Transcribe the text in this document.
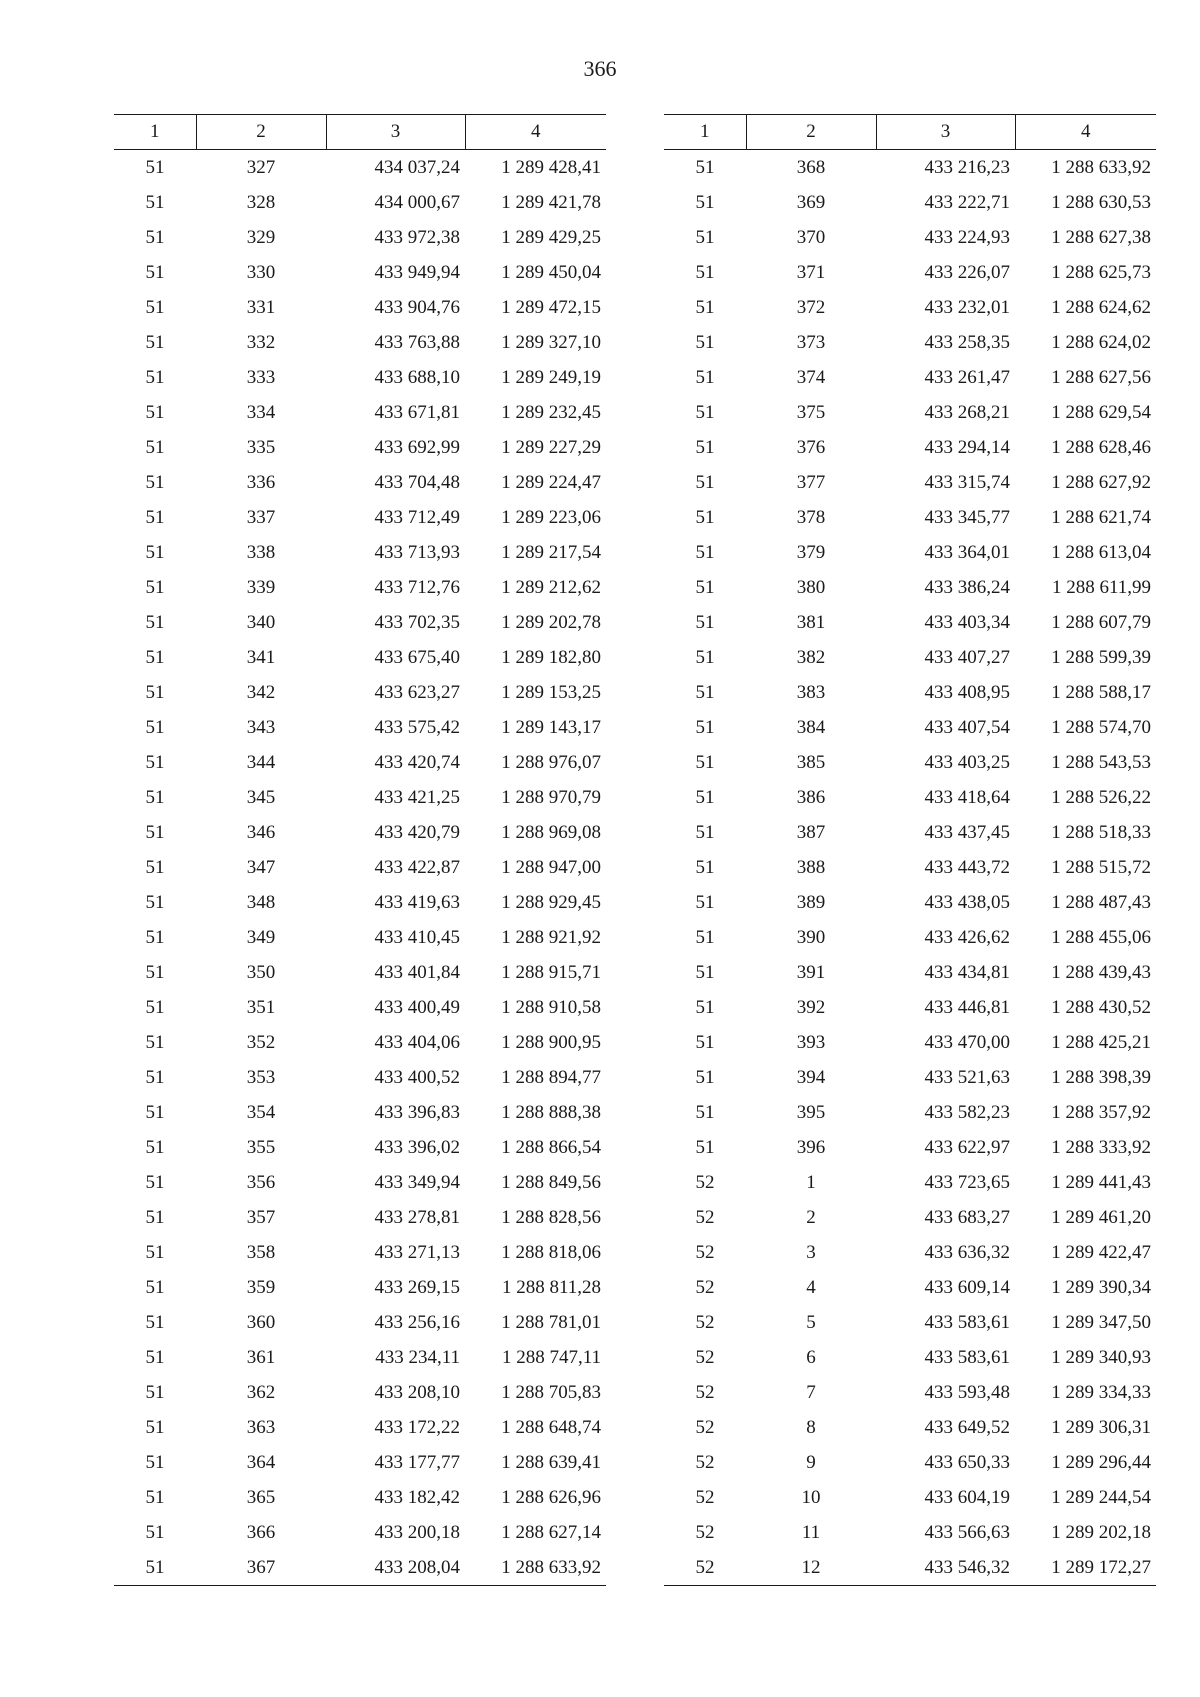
366
1	2	3	4
51	327	434 037,24	1 289 428,41
51	328	434 000,67	1 289 421,78
51	329	433 972,38	1 289 429,25
51	330	433 949,94	1 289 450,04
51	331	433 904,76	1 289 472,15
51	332	433 763,88	1 289 327,10
51	333	433 688,10	1 289 249,19
51	334	433 671,81	1 289 232,45
51	335	433 692,99	1 289 227,29
51	336	433 704,48	1 289 224,47
51	337	433 712,49	1 289 223,06
51	338	433 713,93	1 289 217,54
51	339	433 712,76	1 289 212,62
51	340	433 702,35	1 289 202,78
51	341	433 675,40	1 289 182,80
51	342	433 623,27	1 289 153,25
51	343	433 575,42	1 289 143,17
51	344	433 420,74	1 288 976,07
51	345	433 421,25	1 288 970,79
51	346	433 420,79	1 288 969,08
51	347	433 422,87	1 288 947,00
51	348	433 419,63	1 288 929,45
51	349	433 410,45	1 288 921,92
51	350	433 401,84	1 288 915,71
51	351	433 400,49	1 288 910,58
51	352	433 404,06	1 288 900,95
51	353	433 400,52	1 288 894,77
51	354	433 396,83	1 288 888,38
51	355	433 396,02	1 288 866,54
51	356	433 349,94	1 288 849,56
51	357	433 278,81	1 288 828,56
51	358	433 271,13	1 288 818,06
51	359	433 269,15	1 288 811,28
51	360	433 256,16	1 288 781,01
51	361	433 234,11	1 288 747,11
51	362	433 208,10	1 288 705,83
51	363	433 172,22	1 288 648,74
51	364	433 177,77	1 288 639,41
51	365	433 182,42	1 288 626,96
51	366	433 200,18	1 288 627,14
51	367	433 208,04	1 288 633,92
1	2	3	4
51	368	433 216,23	1 288 633,92
51	369	433 222,71	1 288 630,53
51	370	433 224,93	1 288 627,38
51	371	433 226,07	1 288 625,73
51	372	433 232,01	1 288 624,62
51	373	433 258,35	1 288 624,02
51	374	433 261,47	1 288 627,56
51	375	433 268,21	1 288 629,54
51	376	433 294,14	1 288 628,46
51	377	433 315,74	1 288 627,92
51	378	433 345,77	1 288 621,74
51	379	433 364,01	1 288 613,04
51	380	433 386,24	1 288 611,99
51	381	433 403,34	1 288 607,79
51	382	433 407,27	1 288 599,39
51	383	433 408,95	1 288 588,17
51	384	433 407,54	1 288 574,70
51	385	433 403,25	1 288 543,53
51	386	433 418,64	1 288 526,22
51	387	433 437,45	1 288 518,33
51	388	433 443,72	1 288 515,72
51	389	433 438,05	1 288 487,43
51	390	433 426,62	1 288 455,06
51	391	433 434,81	1 288 439,43
51	392	433 446,81	1 288 430,52
51	393	433 470,00	1 288 425,21
51	394	433 521,63	1 288 398,39
51	395	433 582,23	1 288 357,92
51	396	433 622,97	1 288 333,92
52	1	433 723,65	1 289 441,43
52	2	433 683,27	1 289 461,20
52	3	433 636,32	1 289 422,47
52	4	433 609,14	1 289 390,34
52	5	433 583,61	1 289 347,50
52	6	433 583,61	1 289 340,93
52	7	433 593,48	1 289 334,33
52	8	433 649,52	1 289 306,31
52	9	433 650,33	1 289 296,44
52	10	433 604,19	1 289 244,54
52	11	433 566,63	1 289 202,18
52	12	433 546,32	1 289 172,27
